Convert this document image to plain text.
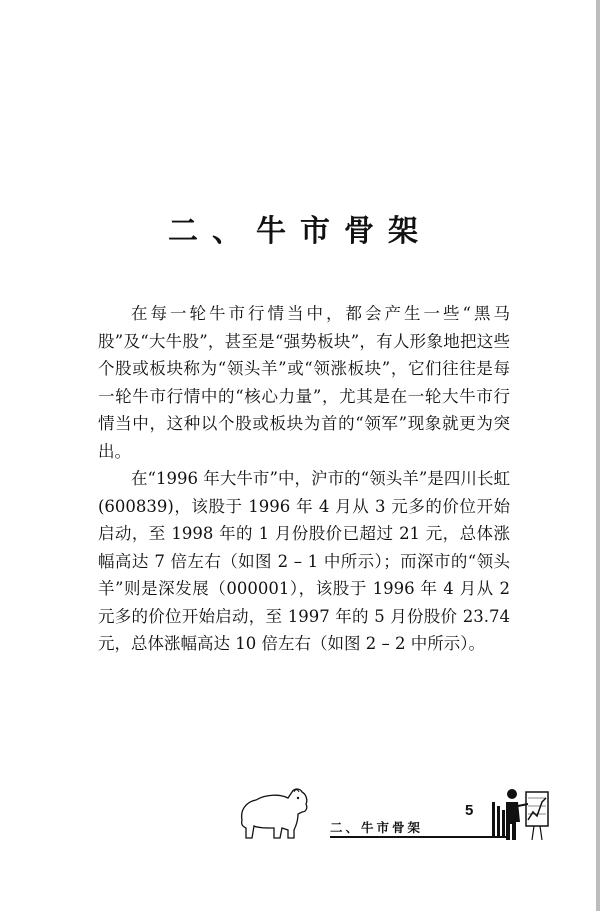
二、牛市骨架

在每一轮牛市行情当中，都会产生一些“黑马股”及“大牛股”，甚至是“强势板块”，有人形象地把这些个股或板块称为“领头羊”或“领涨板块”，它们往往是每一轮牛市行情中的“核心力量”，尤其是在一轮大牛市行情当中，这种以个股或板块为首的“领军”现象就更为突出。

在“1996 年大牛市”中，沪市的“领头羊”是四川长虹(600839)，该股于 1996 年 4 月从 3 元多的价位开始启动，至 1998 年的 1 月份股价已超过 21 元，总体涨幅高达 7 倍左右（如图 2 – 1 中所示）；而深市的“领头羊”则是深发展（000001），该股于 1996 年 4 月从 2 元多的价位开始启动，至 1997 年的 5 月份股价 23.74 元，总体涨幅高达 10 倍左右（如图 2 – 2 中所示）。

5
二、牛市骨架
